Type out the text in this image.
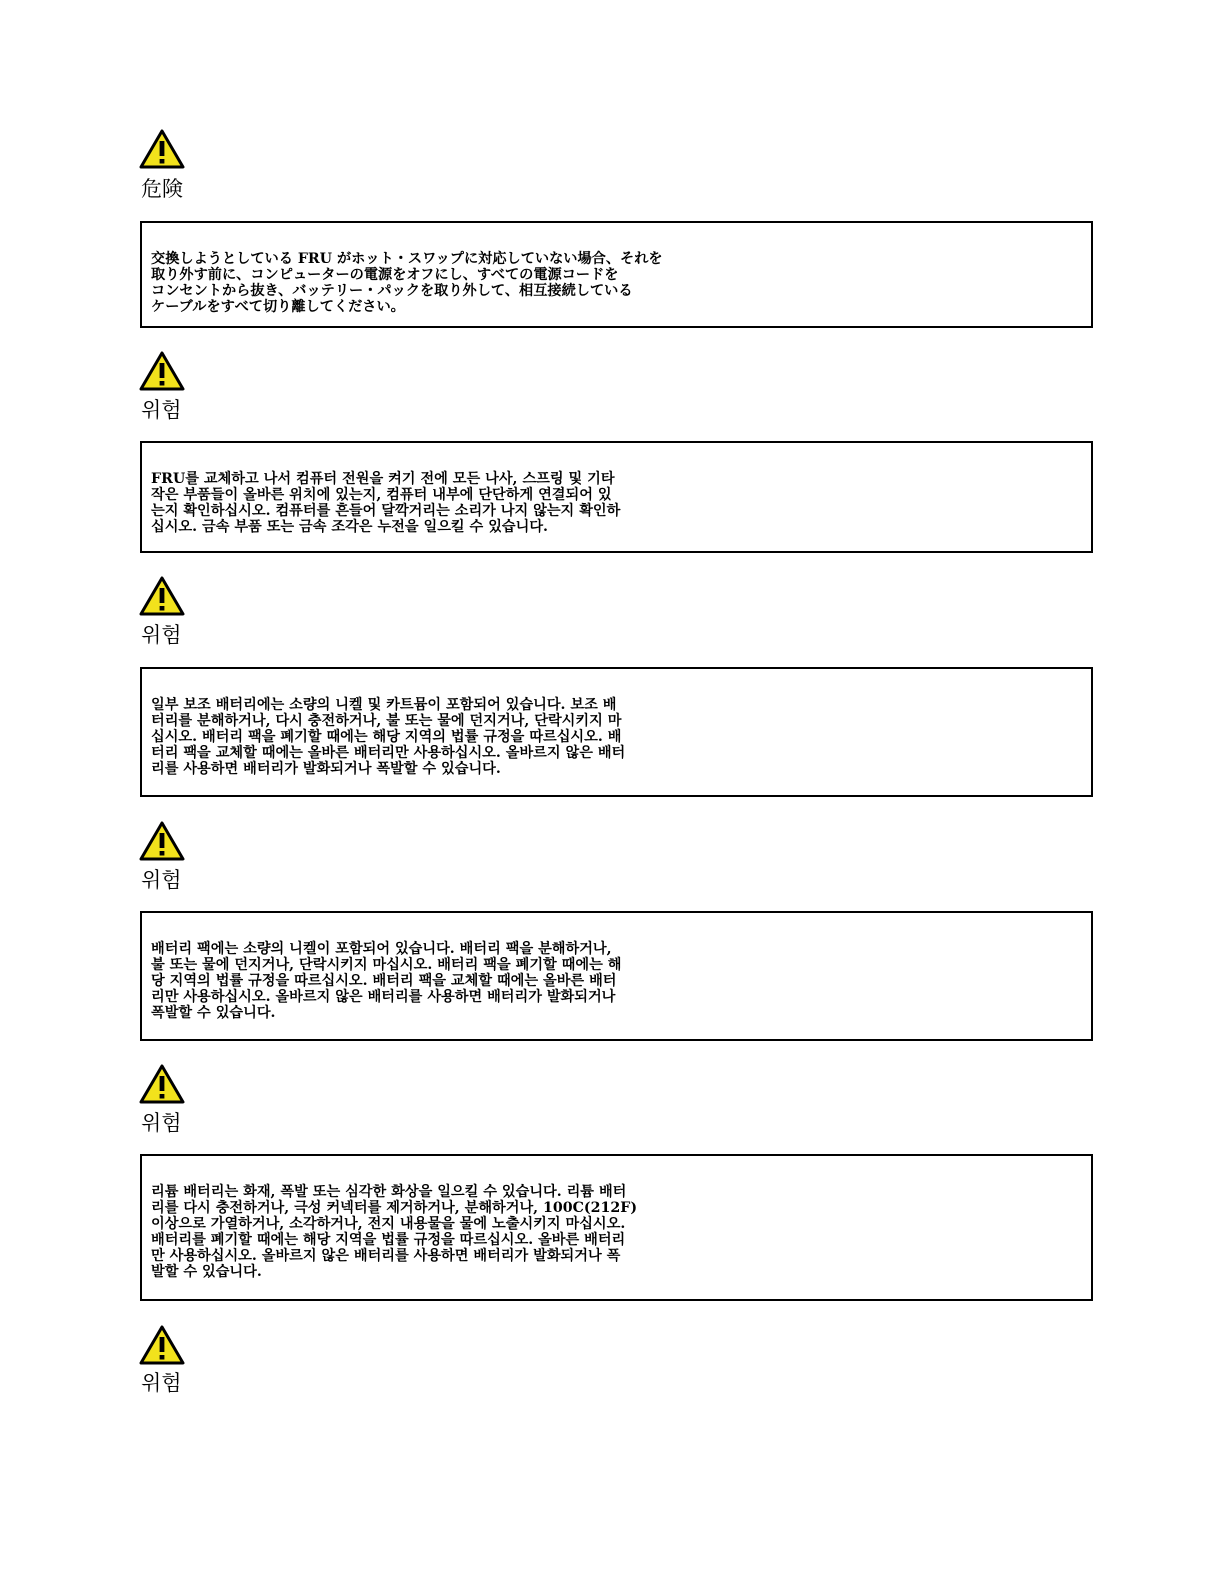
危険
交換しようとしている FRU がホット・スワップに対応していない場合、それを
取り外す前に、コンピューターの電源をオフにし、すべての電源コードを
コンセントから抜き、バッテリー・パックを取り外して、相互接続している
ケーブルをすべて切り離してください。
위험
FRU를 교체하고 나서 컴퓨터 전원을 켜기 전에 모든 나사, 스프링 및 기타
작은 부품들이 올바른 위치에 있는지, 컴퓨터 내부에 단단하게 연결되어 있
는지 확인하십시오. 컴퓨터를 흔들어 달깍거리는 소리가 나지 않는지 확인하
십시오. 금속 부품 또는 금속 조각은 누전을 일으킬 수 있습니다.
위험
일부 보조 배터리에는 소량의 니켈 및 카트뮴이 포함되어 있습니다. 보조 배
터리를 분해하거나, 다시 충전하거나, 불 또는 물에 던지거나, 단락시키지 마
십시오. 배터리 팩을 폐기할 때에는 해당 지역의 법률 규정을 따르십시오. 배
터리 팩을 교체할 때에는 올바른 배터리만 사용하십시오. 올바르지 않은 배터
리를 사용하면 배터리가 발화되거나 폭발할 수 있습니다.
위험
배터리 팩에는 소량의 니켈이 포함되어 있습니다. 배터리 팩을 분해하거나,
불 또는 물에 던지거나, 단락시키지 마십시오. 배터리 팩을 폐기할 때에는 해
당 지역의 법률 규정을 따르십시오. 배터리 팩을 교체할 때에는 올바른 배터
리만 사용하십시오. 올바르지 않은 배터리를 사용하면 배터리가 발화되거나
폭발할 수 있습니다.
위험
리튬 배터리는 화재, 폭발 또는 심각한 화상을 일으킬 수 있습니다. 리튬 배터
리를 다시 충전하거나, 극성 커넥터를 제거하거나, 분해하거나, 100C(212F)
이상으로 가열하거나, 소각하거나, 전지 내용물을 물에 노출시키지 마십시오.
배터리를 폐기할 때에는 해당 지역을 법률 규정을 따르십시오. 올바른 배터리
만 사용하십시오. 올바르지 않은 배터리를 사용하면 배터리가 발화되거나 폭
발할 수 있습니다.
위험
